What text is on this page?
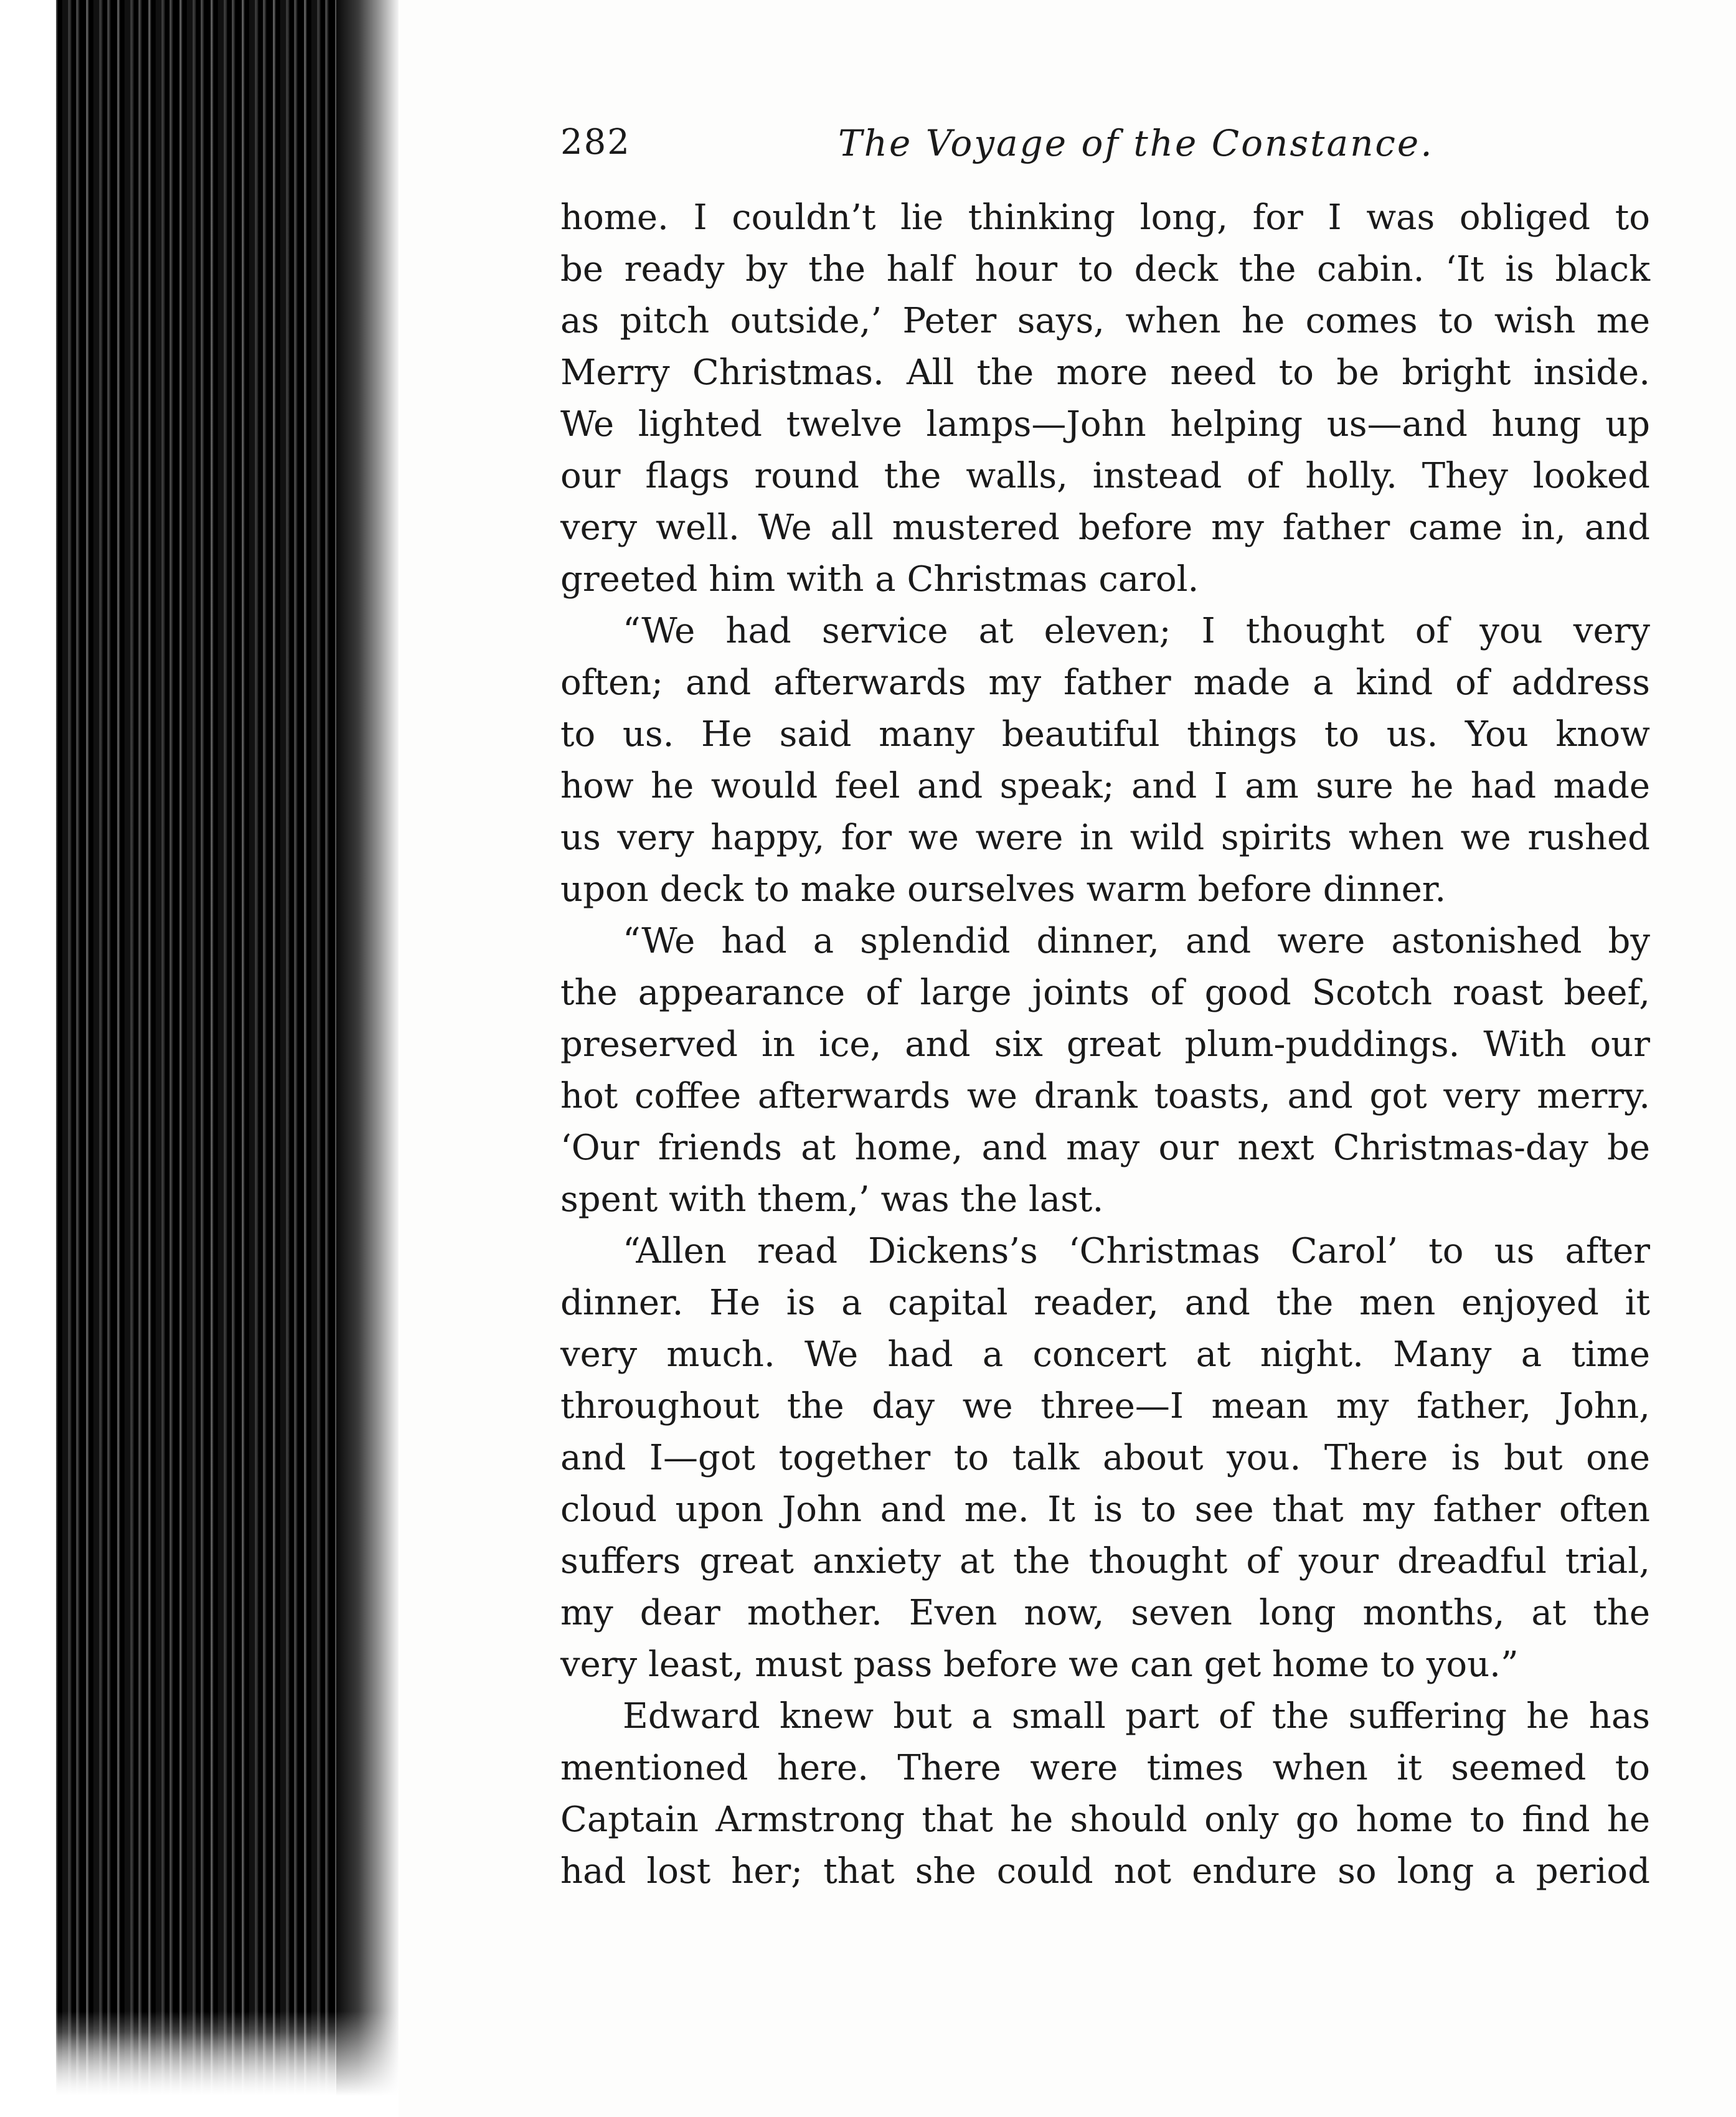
282	The Voyage of the Constance.
home. I couldn’t lie thinking long, for I was obliged to
be ready by the half hour to deck the cabin. ‘It is black
as pitch outside,’ Peter says, when he comes to wish me
Merry Christmas. All the more need to be bright inside.
We lighted twelve lamps—John helping us—and hung up
our flags round the walls, instead of holly. They looked
very well. We all mustered before my father came in, and
greeted him with a Christmas carol.
“We had service at eleven; I thought of you very
often; and afterwards my father made a kind of address
to us. He said many beautiful things to us. You know
how he would feel and speak; and I am sure he had made
us very happy, for we were in wild spirits when we rushed
upon deck to make ourselves warm before dinner.
“We had a splendid dinner, and were astonished by
the appearance of large joints of good Scotch roast beef,
preserved in ice, and six great plum-puddings. With our
hot coffee afterwards we drank toasts, and got very merry.
‘Our friends at home, and may our next Christmas-day be
spent with them,’ was the last.
“Allen read Dickens’s ‘Christmas Carol’ to us after
dinner. He is a capital reader, and the men enjoyed it
very much. We had a concert at night. Many a time
throughout the day we three—I mean my father, John,
and I—got together to talk about you. There is but one
cloud upon John and me. It is to see that my father often
suffers great anxiety at the thought of your dreadful trial,
my dear mother. Even now, seven long months, at the
very least, must pass before we can get home to you.”
Edward knew but a small part of the suffering he has
mentioned here. There were times when it seemed to
Captain Armstrong that he should only go home to find he
had lost her; that she could not endure so long a period
